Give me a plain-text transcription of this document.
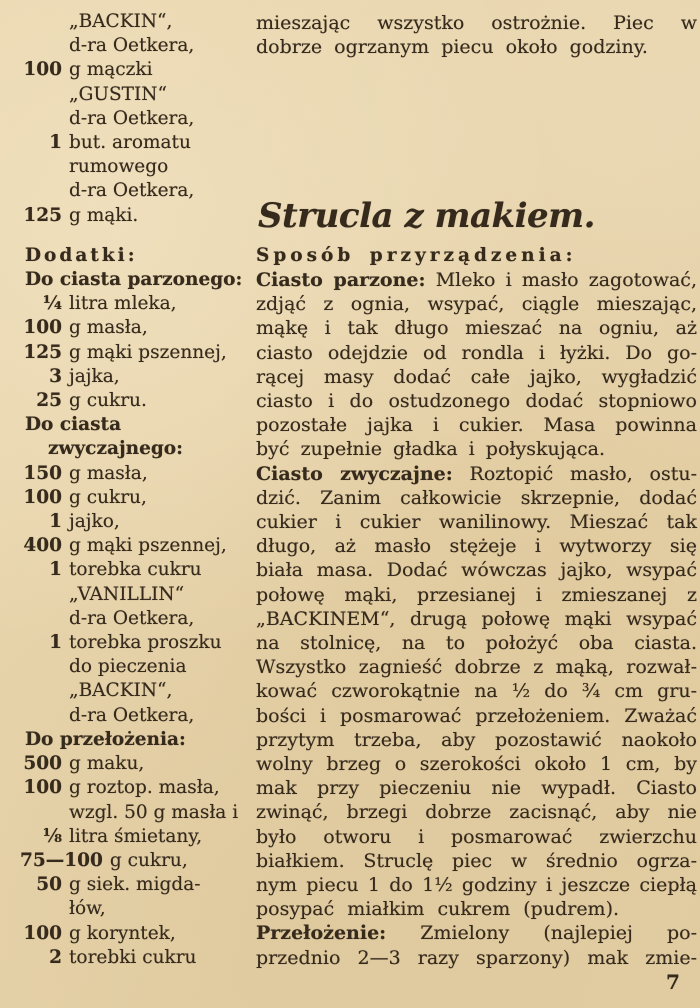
„BACKIN“,
d-ra Oetkera,
100 g mączki
„GUSTIN“
d-ra Oetkera,
1 but. aromatu
rumowego
d-ra Oetkera,
125 g mąki.
Dodatki:
Do ciasta parzonego:
¼ litra mleka,
100 g masła,
125 g mąki pszennej,
3 jajka,
25 g cukru.
Do ciasta
zwyczajnego:
150 g masła,
100 g cukru,
1 jajko,
400 g mąki pszennej,
1 torebka cukru
„VANILLIN“
d-ra Oetkera,
1 torebka proszku
do pieczenia
„BACKIN“,
d-ra Oetkera,
Do przełożenia:
500 g maku,
100 g roztop. masła,
wzgl. 50 g masła i
⅛ litra śmietany,
75—100 g cukru,
50 g siek. migda-
łów,
100 g koryntek,
2 torebki cukru
mieszając wszystko ostrożnie. Piec w
dobrze ogrzanym piecu około godziny.
Strucla z makiem.
Sposób przyrządzenia:
Ciasto parzone: Mleko i masło zagotować,
zdjąć z ognia, wsypać, ciągle mieszając,
mąkę i tak długo mieszać na ogniu, aż
ciasto odejdzie od rondla i łyżki. Do go-
rącej masy dodać całe jajko, wygładzić
ciasto i do ostudzonego dodać stopniowo
pozostałe jajka i cukier. Masa powinna
być zupełnie gładka i połyskująca.
Ciasto zwyczajne: Roztopić masło, ostu-
dzić. Zanim całkowicie skrzepnie, dodać
cukier i cukier wanilinowy. Mieszać tak
długo, aż masło stężeje i wytworzy się
biała masa. Dodać wówczas jajko, wsypać
połowę mąki, przesianej i zmieszanej z
„BACKINEM“, drugą połowę mąki wsypać
na stolnicę, na to położyć oba ciasta.
Wszystko zagnieść dobrze z mąką, rozwał-
kować czworokątnie na ½ do ¾ cm gru-
bości i posmarować przełożeniem. Zważać
przytym trzeba, aby pozostawić naokoło
wolny brzeg o szerokości około 1 cm, by
mak przy pieczeniu nie wypadł. Ciasto
zwinąć, brzegi dobrze zacisnąć, aby nie
było otworu i posmarować zwierzchu
białkiem. Struclę piec w średnio ogrza-
nym piecu 1 do 1½ godziny i jeszcze ciepłą
posypać miałkim cukrem (pudrem).
Przełożenie: Zmielony (najlepiej po-
przednio 2—3 razy sparzony) mak zmie-
7
